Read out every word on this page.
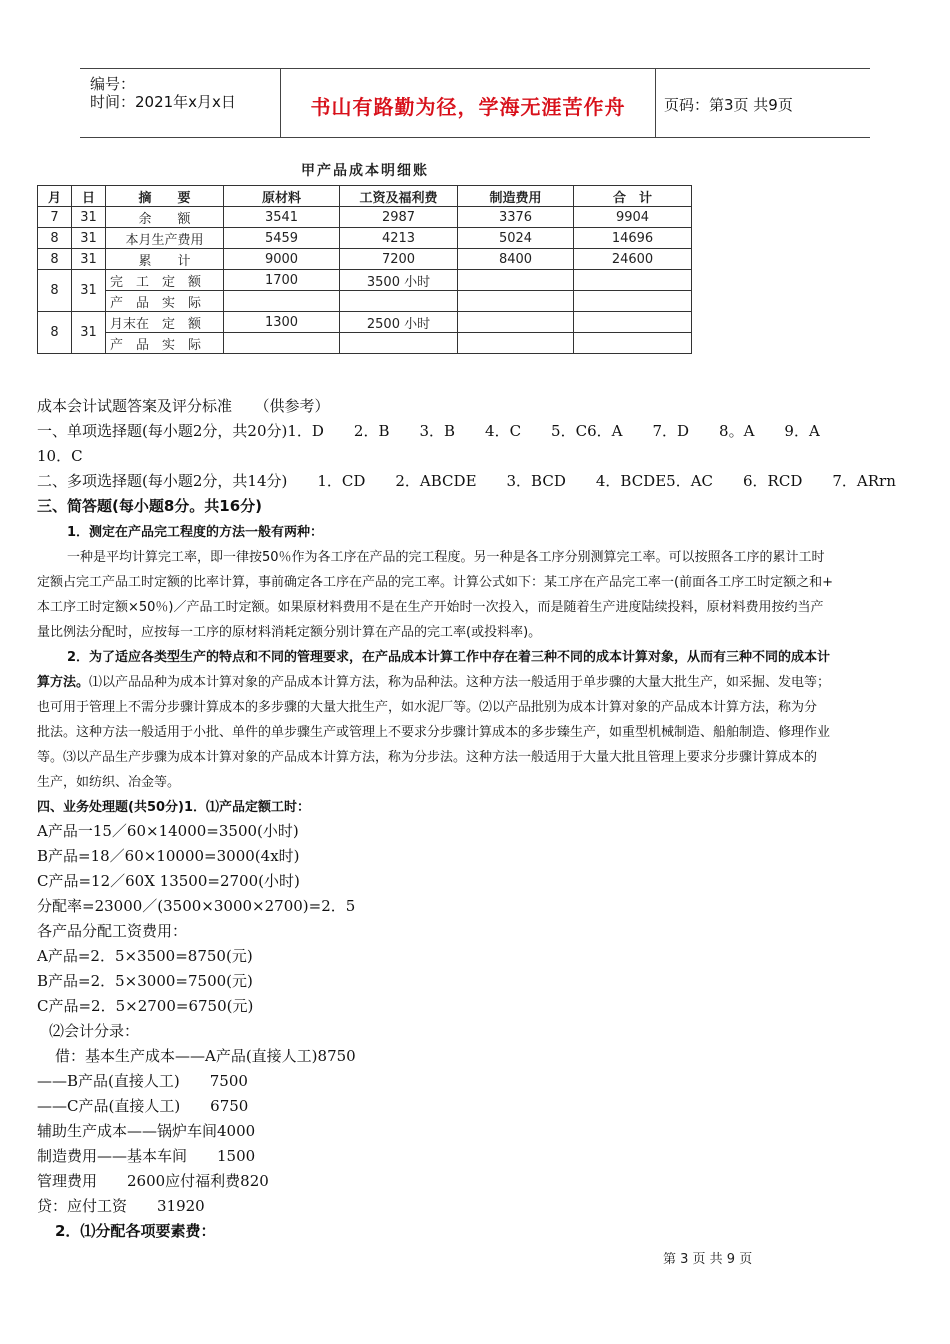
编号：
时间：2021年x月x日	书山有路勤为径，学海无涯苦作舟	页码：第3页 共9页
甲产品成本明细账
月	日	摘　　要	原材料	工资及福利费	制造费用	合　计
7	31	余　　额	3541	2987	3376	9904
8	31	本月生产费用	5459	4213	5024	14696
8	31	累　　计	9000	7200	8400	24600
8	31	完　工　 定　额	1700	3500 小时		
		产　品　 实　际				
8	31	月末在　 定　额	1300	2500 小时		
		产　品　 实　际				
成本会计试题答案及评分标准　　（供参考）
一、单项选择题(每小题2分，共20分)1．D　　2．B　　3．B　　4．C　　5．C6．A　　7．D　　8。A　　9．A
10．C
二、多项选择题(每小题2分，共14分)　　1．CD　　2．ABCDE　　3．BCD　　4．BCDE5．AC　　6．RCD　　7．ARrn
三、简答题(每小题8分。共16分)
1．测定在产品完工程度的方法一般有两种：
一种是平均计算完工率，即一律按50％作为各工序在产品的完工程度。另一种是各工序分别测算完工率。可以按照各工序的累计工时
定额占完工产品工时定额的比率计算，事前确定各工序在产品的完工率。计算公式如下：某工序在产品完工率一(前面各工序工时定额之和+
本工序工时定额×50％)／产品工时定额。如果原材料费用不是在生产开始时一次投入，而是随着生产进度陆续投料，原材料费用按约当产
量比例法分配时，应按每一工序的原材料消耗定额分别计算在产品的完工率(或投料率)。
2．为了适应各类型生产的特点和不同的管理要求，在产品成本计算工作中存在着三种不同的成本计算对象，从而有三种不同的成本计
算方法。⑴以产品品种为成本计算对象的产品成本计算方法，称为品种法。这种方法一般适用于单步骤的大量大批生产，如采掘、发电等；
也可用于管理上不需分步骤计算成本的多步骤的大量大批生产，如水泥厂等。⑵以产品批别为成本计算对象的产品成本计算方法，称为分
批法。这种方法一般适用于小批、单件的单步骤生产或管理上不要求分步骤计算成本的多步臻生产，如重型机械制造、船舶制造、修理作业
等。⑶以产品生产步骤为成本计算对象的产品成本计算方法，称为分步法。这种方法一般适用于大量大批且管理上要求分步骤计算成本的
生产，如纺织、冶金等。
四、业务处理题(共50分)1．⑴产品定额工时：
A产品一15／60×14000=3500(小时)
B产品=18／60×10000=3000(4x时)
C产品=12／60X 13500=2700(小时)
分配率=23000／(3500×3000×2700)=2．5
各产品分配工资费用：
A产品=2．5×3500=8750(元)
B产品=2．5×3000=7500(元)
C产品=2．5×2700=6750(元)
⑵会计分录：
借：基本生产成本——A产品(直接人工)8750
——B产品(直接人工)　　7500
——C产品(直接人工)　　6750
辅助生产成本——锅炉车间4000
制造费用——基本车间　　1500
管理费用　　2600应付福利费820
贷：应付工资　　31920
2．⑴分配各项要素费：
第 3 页 共 9 页
